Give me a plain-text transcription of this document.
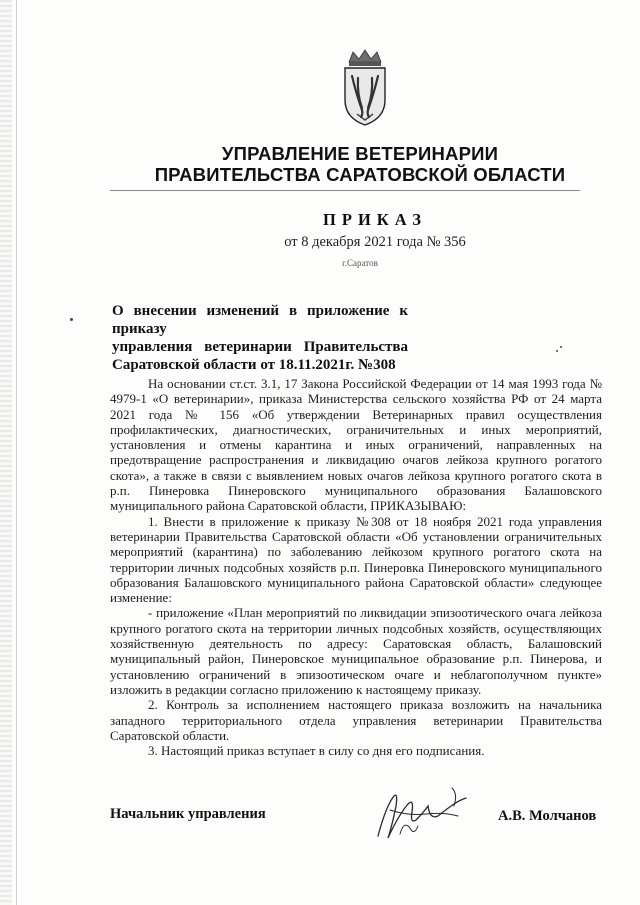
УПРАВЛЕНИЕ ВЕТЕРИНАРИИ
ПРАВИТЕЛЬСТВА САРАТОВСКОЙ ОБЛАСТИ
ПРИКАЗ
от 8 декабря 2021 года № 356
г.Саратов
О внесении изменений в приложение к приказу
управления ветеринарии Правительства
Саратовской области от 18.11.2021г. №308

На основании ст.ст. 3.1, 17 Закона Российской Федерации от 14 мая 1993 года № 4979-1 «О ветеринарии», приказа Министерства сельского хозяйства РФ от 24 марта 2021 года № 156 «Об утверждении Ветеринарных правил осуществления профилактических, диагностических, ограничительных и иных мероприятий, установления и отмены карантина и иных ограничений, направленных на предотвращение распространения и ликвидацию очагов лейкоза крупного рогатого скота», а также в связи с выявлением новых очагов лейкоза крупного рогатого скота в р.п. Пинеровка Пинеровского муниципального образования Балашовского муниципального района Саратовской области, ПРИКАЗЫВАЮ:

1. Внести в приложение к приказу №308 от 18 ноября 2021 года управления ветеринарии Правительства Саратовской области «Об установлении ограничительных мероприятий (карантина) по заболеванию лейкозом крупного рогатого скота на территории личных подсобных хозяйств р.п. Пинеровка Пинеровского муниципального образования Балашовского муниципального района Саратовской области» следующее изменение:

- приложение «План мероприятий по ликвидации эпизоотического очага лейкоза крупного рогатого скота на территории личных подсобных хозяйств, осуществляющих хозяйственную деятельность по адресу: Саратовская область, Балашовский муниципальный район, Пинеровское муниципальное образование р.п. Пинерова, и установлению ограничений в эпизоотическом очаге и неблагополучном пункте» изложить в редакции согласно приложению к настоящему приказу.

2. Контроль за исполнением настоящего приказа возложить на начальника западного территориального отдела управления ветеринарии Правительства Саратовской области.

3. Настоящий приказ вступает в силу со дня его подписания.

Начальник управления	А.В. Молчанов
